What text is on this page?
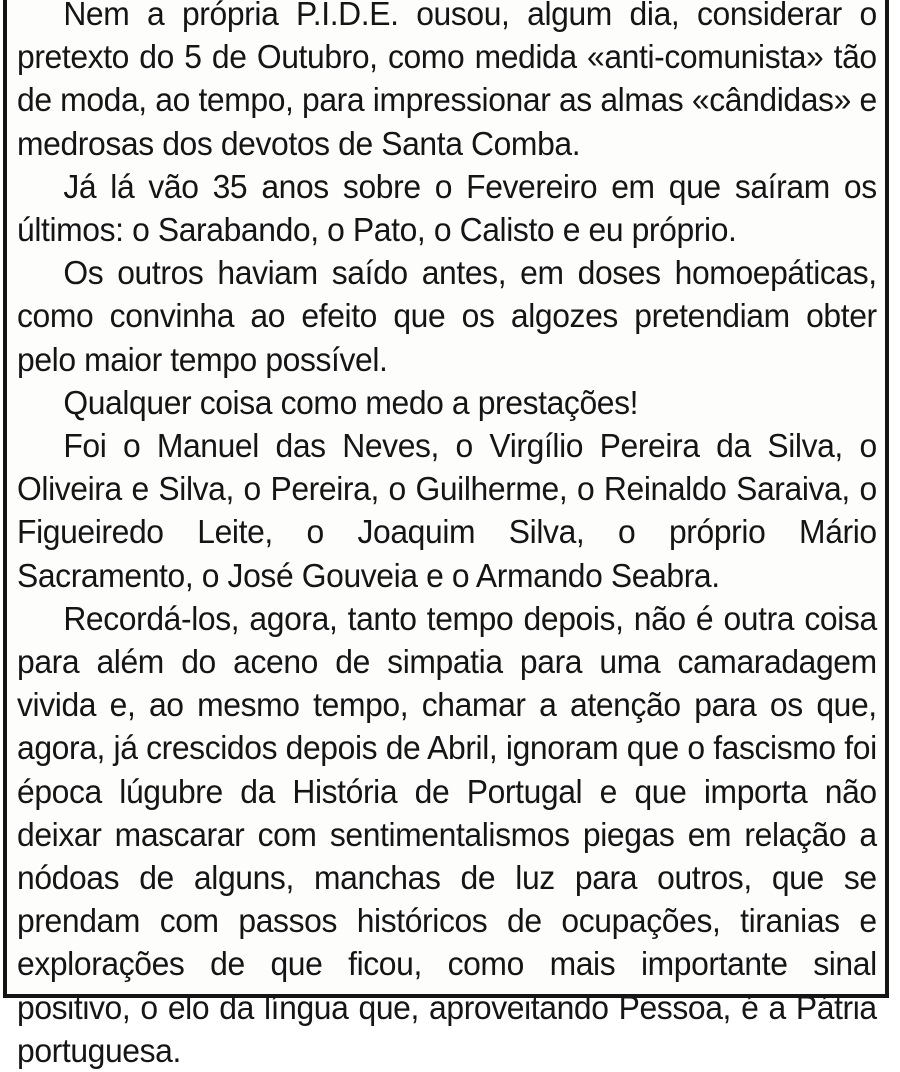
Nem a própria P.I.D.E. ousou, algum dia, considerar o pretexto do 5 de Outubro, como medida «anti-comunista» tão de moda, ao tempo, para impressionar as almas «cândidas» e medrosas dos devotos de Santa Comba.

Já lá vão 35 anos sobre o Fevereiro em que saíram os últimos: o Sarabando, o Pato, o Calisto e eu próprio.

Os outros haviam saído antes, em doses homoepáticas, como convinha ao efeito que os algozes pretendiam obter pelo maior tempo possível.

Qualquer coisa como medo a prestações!

Foi o Manuel das Neves, o Virgílio Pereira da Silva, o Oliveira e Silva, o Pereira, o Guilherme, o Reinaldo Saraiva, o Figueiredo Leite, o Joaquim Silva, o próprio Mário Sacramento, o José Gouveia e o Armando Seabra.

Recordá-los, agora, tanto tempo depois, não é outra coisa para além do aceno de simpatia para uma camaradagem vivida e, ao mesmo tempo, chamar a atenção para os que, agora, já crescidos depois de Abril, ignoram que o fascismo foi época lúgubre da História de Portugal e que importa não deixar mascarar com sentimentalismos piegas em relação a nódoas de alguns, manchas de luz para outros, que se prendam com passos históricos de ocupações, tiranias e explorações de que ficou, como mais importante sinal positivo, o elo da língua que, aproveitando Pessoa, é a Pátria portuguesa.
